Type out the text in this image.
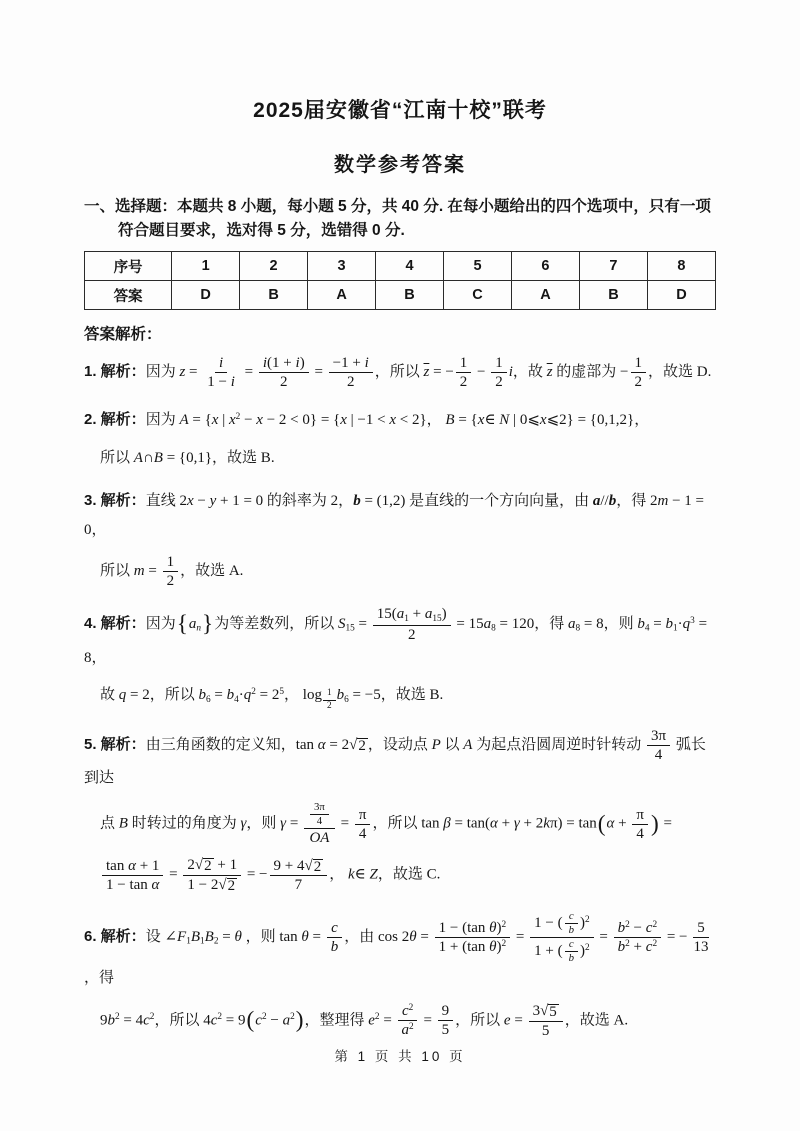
2025届安徽省“江南十校”联考
数学参考答案
一、选择题：本题共 8 小题，每小题 5 分，共 40 分. 在每小题给出的四个选项中，只有一项符合题目要求，选对得 5 分，选错得 0 分.
序号	1	2	3	4	5	6	7	8
答案	D	B	A	B	C	A	B	D
答案解析：
1. 解析：因为 $z = \frac{i}{1 - i} = \frac{i(1 + i)}{2} = \frac{-1 + i}{2}$ ，所以 $\overline{z}$ = − $\frac{1}{2} - \frac{1}{2}$ i，故 $\overline{z}$ 的虚部为 − $\frac{1}{2}$ ，故选 D.
2. 解析：因为 A = {x | $x^2 - x - 2 < 0\} = \{x$ | −1 < x < 2}， B = {x∈ N | 0⩽x⩽2} = {0,1,2}，
所以 A∩B = {0,1}，故选 B.
3. 解析：直线 2x − y + 1 = 0 的斜率为 2，b = (1,2) 是直线的一个方向向量，由 a//b，得 2m − 1 = 0，
所以 $m = \frac{1}{2}$ ，故选 A.
4. 解析：因为$\{a_n\}$为等差数列，所以 $S_{15} = \frac{15(a_1 + a_{15})}{2} = 15a_8 = 120$，得 $a_8 = 8$，则 $b_4 = b_1\cdot q^3 = 8$，
故 q = 2，所以 $b_6 = b_4\cdot q^2 = 2^5$， log $_{\frac{1}{2}}$ $b_6 = -5$，故选 B.
5. 解析：由三角函数的定义知，tan α = 2 √ 2 ，设动点 P 以 A 为起点沿圆周逆时针转动 $\frac{3\pi}{4}$ 弧长到达
点 B 时转过的角度为 γ，则 $\gamma = \frac{\frac{3\pi}{4}}{OA} = \frac{\pi}{4}$ ，所以 $\tan \beta = \tan(\alpha + \gamma + 2k\pi) = \tan(\alpha + \frac{\pi}{4}$ ) =
$\frac{\text{tan α + 1}}{\text{1 − tan α}} = \frac{2 √ 2 + 1}{1 - 2 √ 2}$ = − $\frac{9 + 4 √ 2}{7}$ ， k∈ Z，故选 C.
6. 解析：设 $\angle F_1B_1B_2 = \theta$ ，则 $\tan \theta = \frac{c}{b}$ ，由 $\cos 2\theta = \frac{1 - (\tan \theta)^2}{1 + (\tan \theta)^2} = \frac{1 - ( \frac{c}{b} )^2}{1 + ( \frac{c}{b} )^2} = \frac{b^2 - c^2}{b^2 + c^2}$ = − $\frac{5}{13}$
，得
$9b^2 = 4c^2$，所以 $4c^2 = 9(c^2 - a^2)$，整理得 $e^2 = \frac{c^2}{a^2} = \frac{9}{5}$ ，所以 $e = \frac{3 √ 5}{5}$ ，故选 A.
第 1 页 共 10 页
